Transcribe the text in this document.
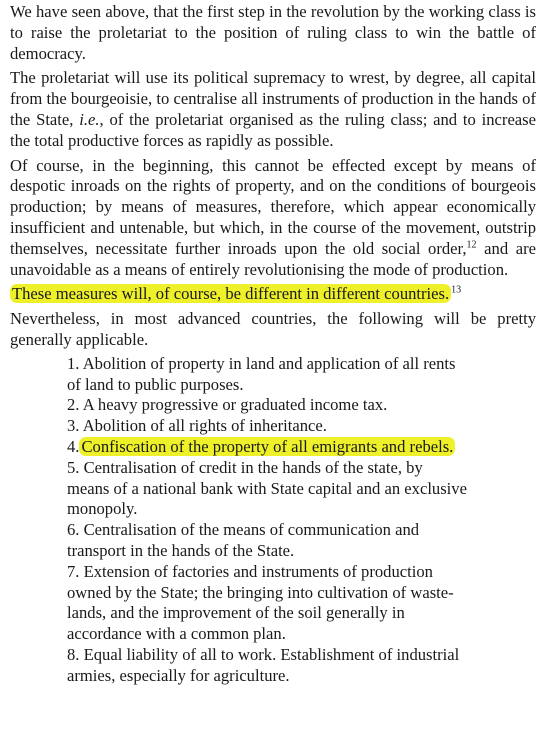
We have seen above, that the first step in the revolution by the working class is to raise the proletariat to the position of ruling class to win the battle of democracy.

The proletariat will use its political supremacy to wrest, by degree, all capital from the bourgeoisie, to centralise all instruments of production in the hands of the State, i.e., of the proletariat organised as the ruling class; and to increase the total productive forces as rapidly as possible.

Of course, in the beginning, this cannot be effected except by means of despotic inroads on the rights of property, and on the conditions of bourgeois production; by means of measures, therefore, which appear economically insufficient and untenable, but which, in the course of the movement, outstrip themselves, necessitate further inroads upon the old social order,$^{12}$ and are unavoidable as a means of entirely revolutionising the mode of production.

These measures will, of course, be different in different countries. $^{13}$

Nevertheless, in most advanced countries, the following will be pretty generally applicable.

1. Abolition of property in land and application of all rents of land to public purposes.
2. A heavy progressive or graduated income tax.
3. Abolition of all rights of inheritance.
4. Confiscation of the property of all emigrants and rebels.
5. Centralisation of credit in the hands of the state, by means of a national bank with State capital and an exclusive monopoly.
6. Centralisation of the means of communication and transport in the hands of the State.
7. Extension of factories and instruments of production owned by the State; the bringing into cultivation of waste-lands, and the improvement of the soil generally in accordance with a common plan.
8. Equal liability of all to work. Establishment of industrial armies, especially for agriculture.
